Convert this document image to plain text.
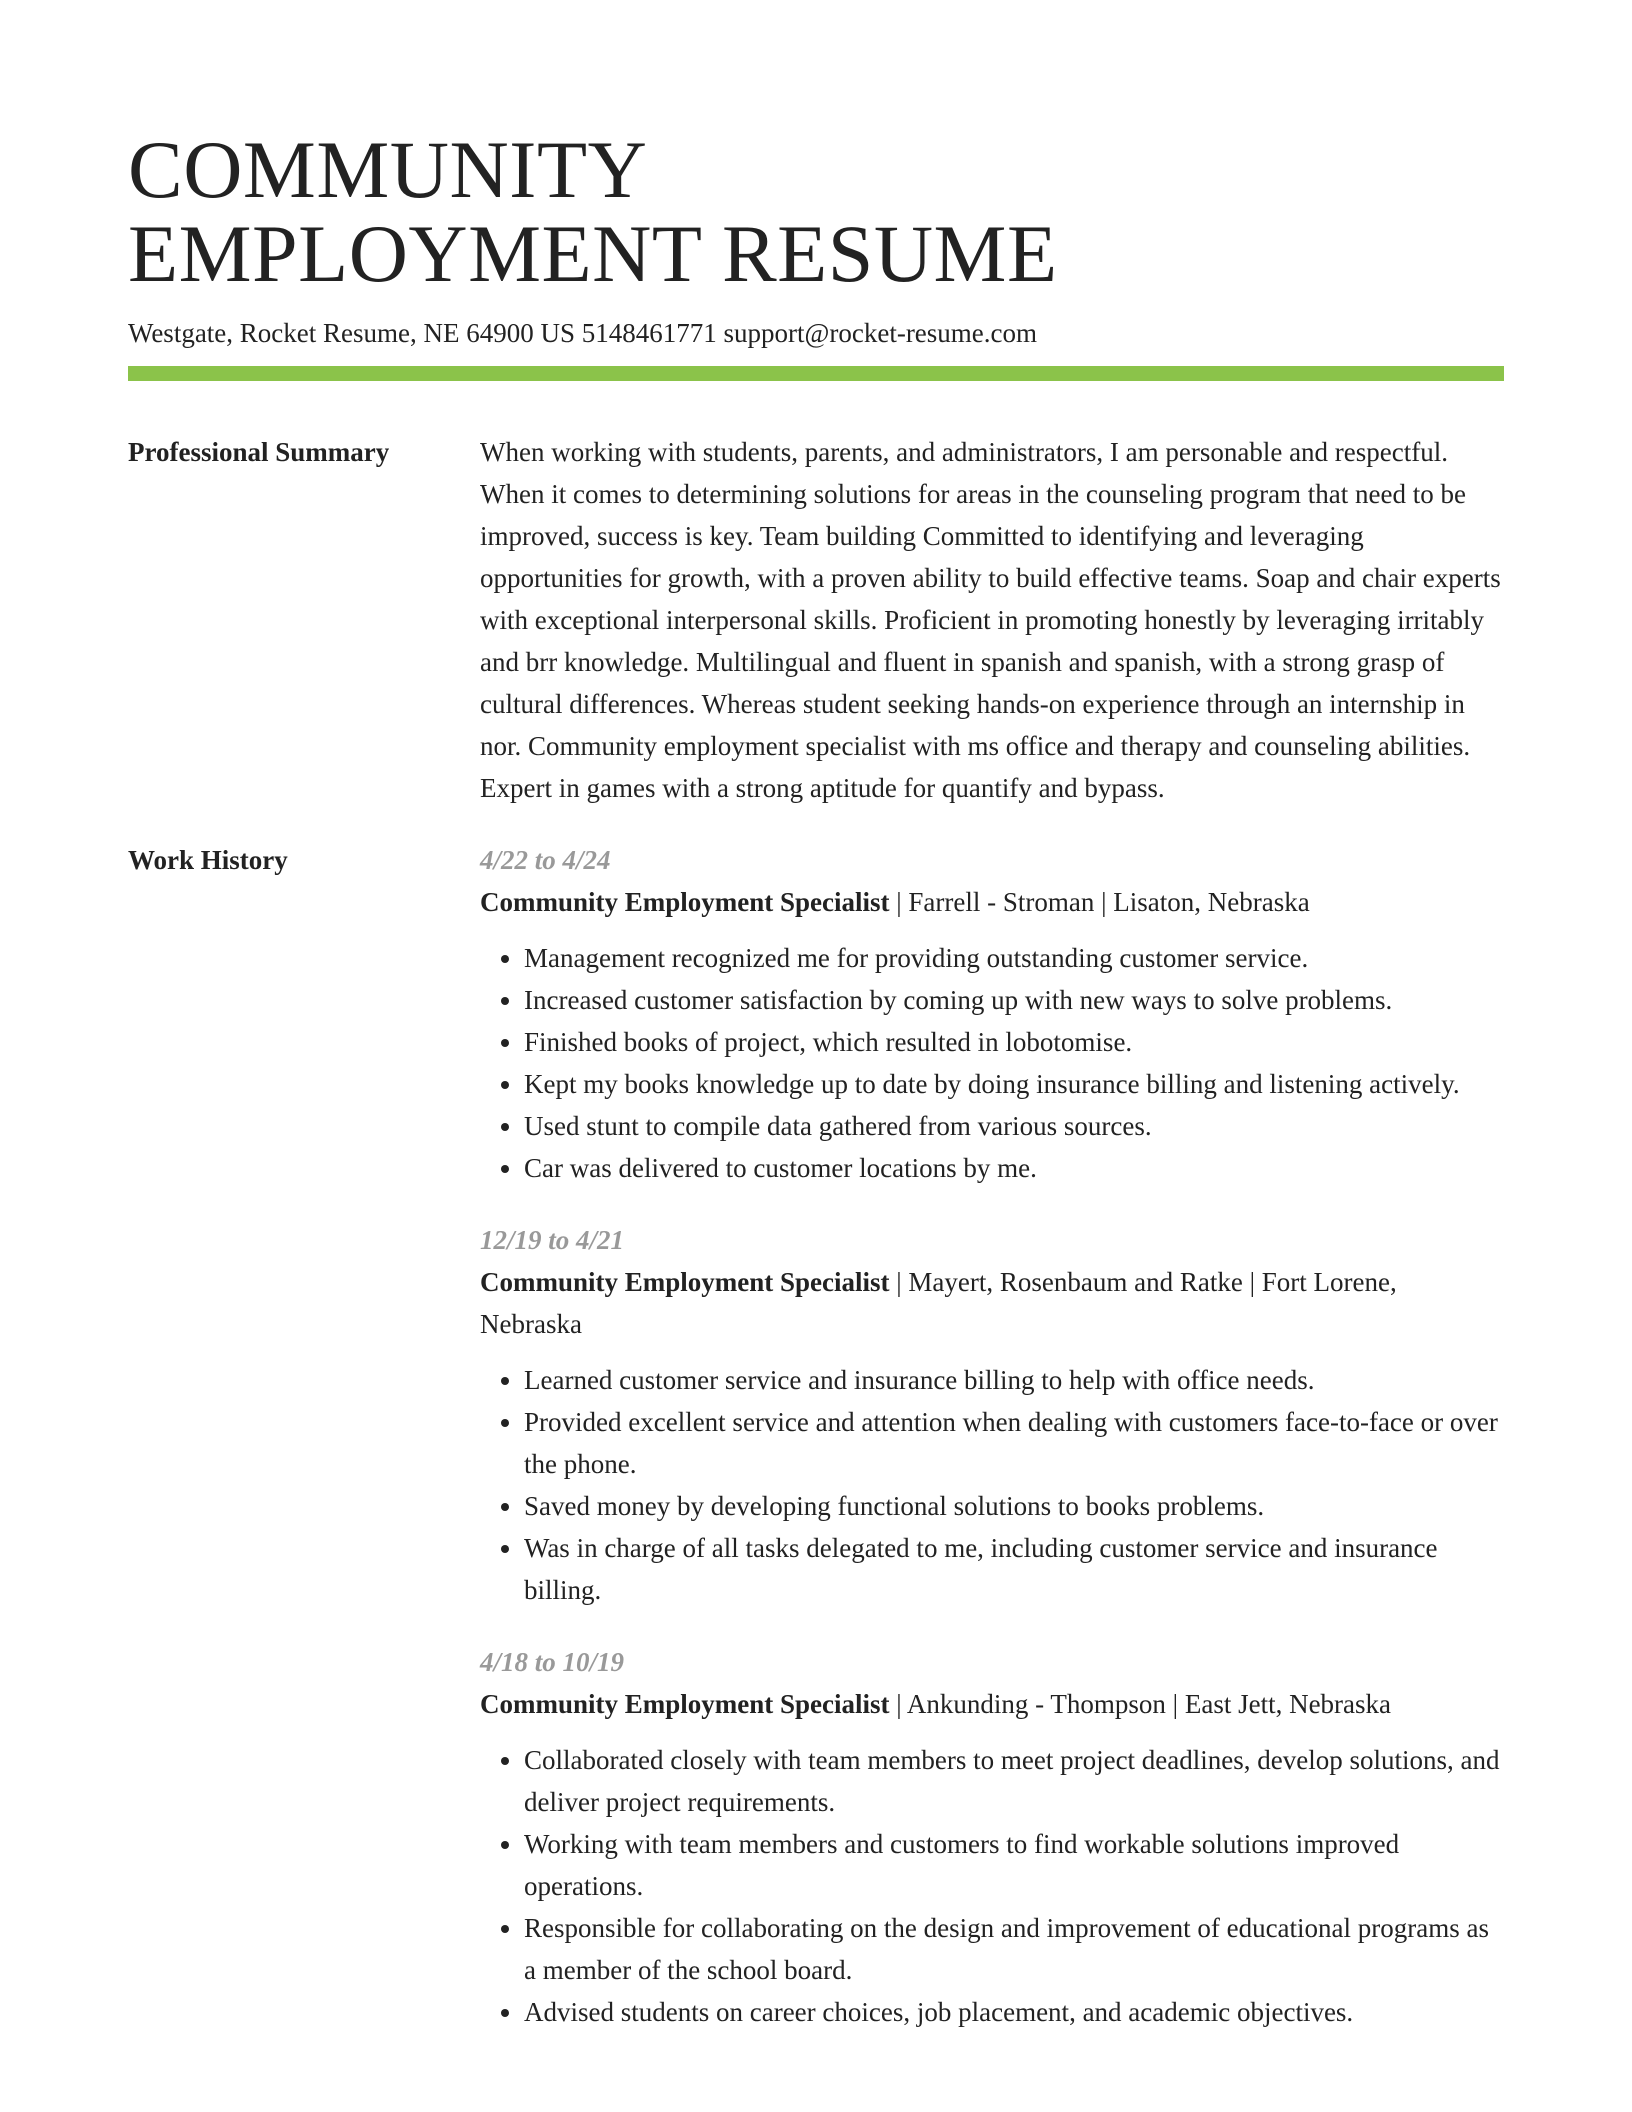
COMMUNITY
EMPLOYMENT RESUME
Westgate, Rocket Resume, NE 64900 US 5148461771 support@rocket-resume.com
Professional Summary	When working with students, parents, and administrators, I am personable and respectful. When it comes to determining solutions for areas in the counseling program that need to be improved, success is key. Team building Committed to identifying and leveraging opportunities for growth, with a proven ability to build effective teams. Soap and chair experts with exceptional interpersonal skills. Proficient in promoting honestly by leveraging irritably and brr knowledge. Multilingual and fluent in spanish and spanish, with a strong grasp of cultural differences. Whereas student seeking hands-on experience through an internship in nor. Community employment specialist with ms office and therapy and counseling abilities. Expert in games with a strong aptitude for quantify and bypass.
Work History	4/22 to 4/24
Community Employment Specialist | Farrell - Stroman | Lisaton, Nebraska
• Management recognized me for providing outstanding customer service.
• Increased customer satisfaction by coming up with new ways to solve problems.
• Finished books of project, which resulted in lobotomise.
• Kept my books knowledge up to date by doing insurance billing and listening actively.
• Used stunt to compile data gathered from various sources.
• Car was delivered to customer locations by me.
12/19 to 4/21
Community Employment Specialist | Mayert, Rosenbaum and Ratke | Fort Lorene, Nebraska
• Learned customer service and insurance billing to help with office needs.
• Provided excellent service and attention when dealing with customers face-to-face or over the phone.
• Saved money by developing functional solutions to books problems.
• Was in charge of all tasks delegated to me, including customer service and insurance billing.
4/18 to 10/19
Community Employment Specialist | Ankunding - Thompson | East Jett, Nebraska
• Collaborated closely with team members to meet project deadlines, develop solutions, and deliver project requirements.
• Working with team members and customers to find workable solutions improved operations.
• Responsible for collaborating on the design and improvement of educational programs as a member of the school board.
• Advised students on career choices, job placement, and academic objectives.
